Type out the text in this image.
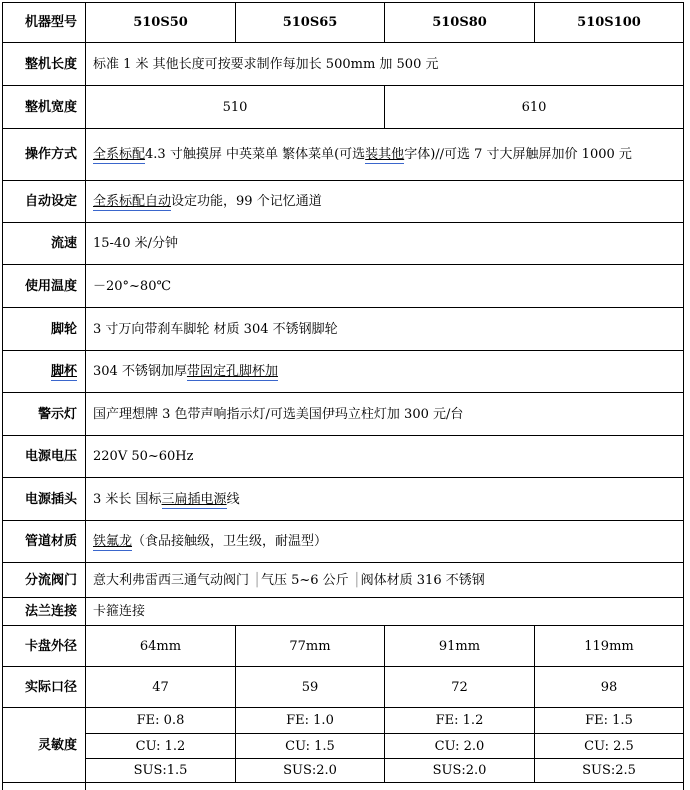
机器型号	510S50	510S65	510S80	510S100
整机长度	标准 1 米 其他长度可按要求制作每加长 500mm 加 500 元			
整机宽度	510		610	
操作方式	全系标配4.3 寸触摸屏 中英菜单 繁体菜单(可选装其他字体)//可选 7 寸大屏触屏加价 1000 元			
自动设定	全系标配自动设定功能，99 个记忆通道			
流速	15-40 米/分钟			
使用温度	－20°~80℃			
脚轮	3 寸万向带刹车脚轮 材质 304 不锈钢脚轮			
脚杯	304 不锈钢加厚带固定孔脚杯加			
警示灯	国产理想牌 3 色带声响指示灯/可选美国伊玛立柱灯加 300 元/台			
电源电压	220V 50~60Hz			
电源插头	3 米长 国标三扁插电源线			
管道材质	铁氟龙（食品接触级，卫生级，耐温型）			
分流阀门	意大利弗雷西三通气动阀门 │气压 5~6 公斤 │阀体材质 316 不锈钢			
法兰连接	卡箍连接			
卡盘外径	64mm	77mm	91mm	119mm
实际口径	47	59	72	98
灵敏度	FE: 0.8	FE: 1.0	FE: 1.2	FE: 1.5
	CU: 1.2	CU: 1.5	CU: 2.0	CU: 2.5
	SUS:1.5	SUS:2.0	SUS:2.0	SUS:2.5
